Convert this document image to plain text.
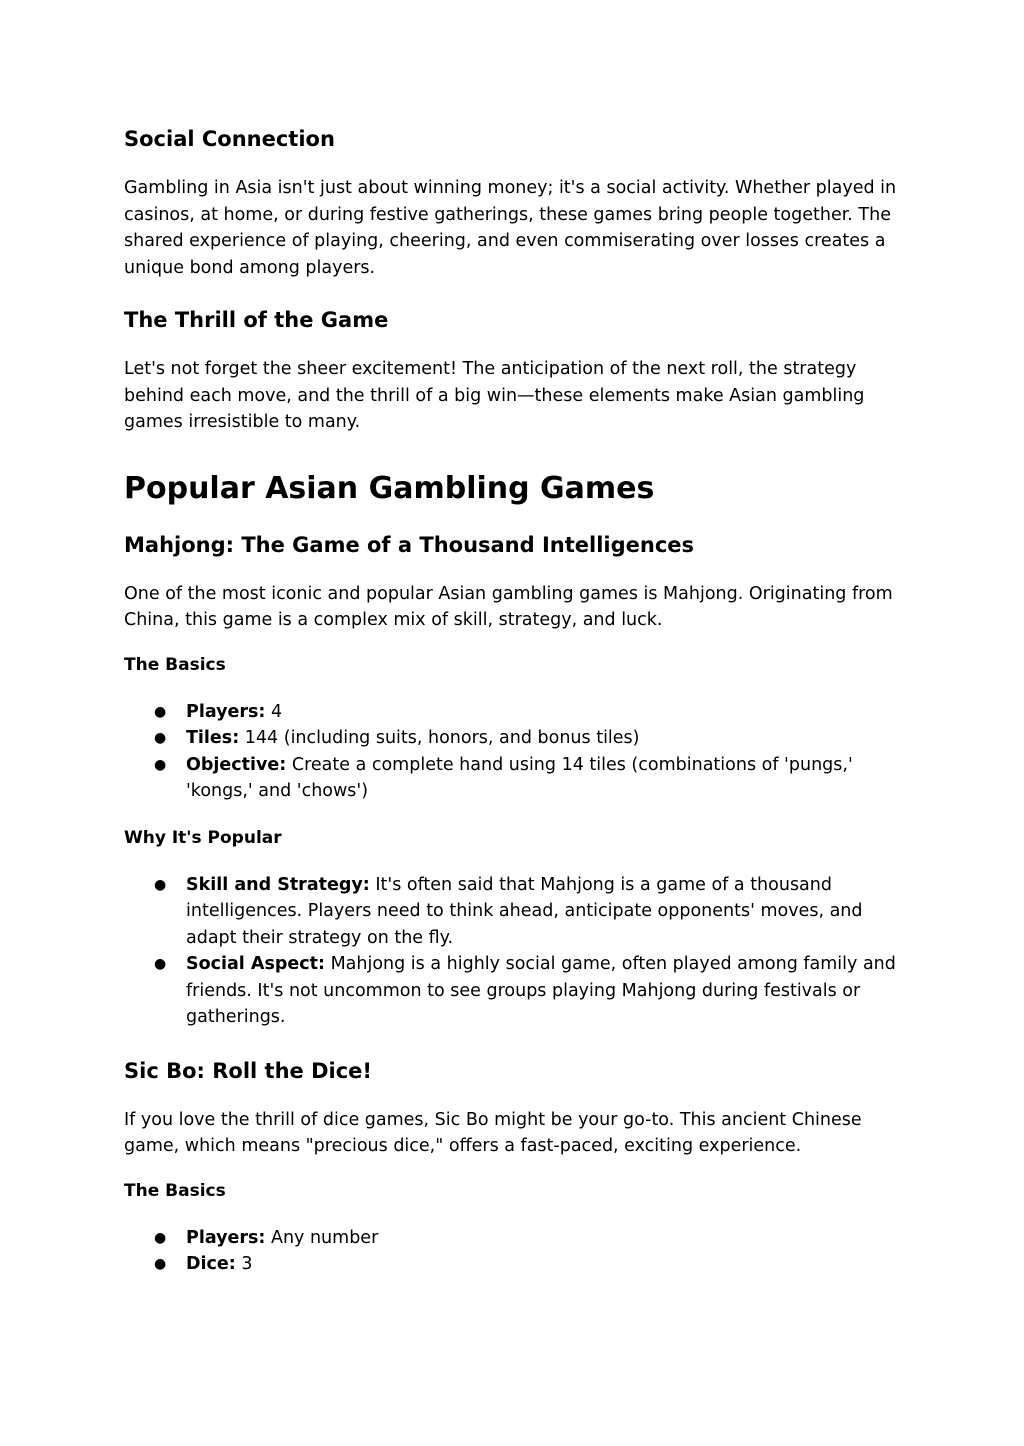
Social Connection

Gambling in Asia isn't just about winning money; it's a social activity. Whether played in casinos, at home, or during festive gatherings, these games bring people together. The shared experience of playing, cheering, and even commiserating over losses creates a unique bond among players.

The Thrill of the Game

Let's not forget the sheer excitement! The anticipation of the next roll, the strategy behind each move, and the thrill of a big win—these elements make Asian gambling games irresistible to many.

Popular Asian Gambling Games
Mahjong: The Game of a Thousand Intelligences

One of the most iconic and popular Asian gambling games is Mahjong. Originating from China, this game is a complex mix of skill, strategy, and luck.

The Basics
● Players: 4
● Tiles: 144 (including suits, honors, and bonus tiles)
● Objective: Create a complete hand using 14 tiles (combinations of 'pungs,' 'kongs,' and 'chows')
Why It's Popular
● Skill and Strategy: It's often said that Mahjong is a game of a thousand intelligences. Players need to think ahead, anticipate opponents' moves, and adapt their strategy on the fly.
● Social Aspect: Mahjong is a highly social game, often played among family and friends. It's not uncommon to see groups playing Mahjong during festivals or gatherings.
Sic Bo: Roll the Dice!

If you love the thrill of dice games, Sic Bo might be your go-to. This ancient Chinese game, which means "precious dice," offers a fast-paced, exciting experience.

The Basics
● Players: Any number
● Dice: 3
